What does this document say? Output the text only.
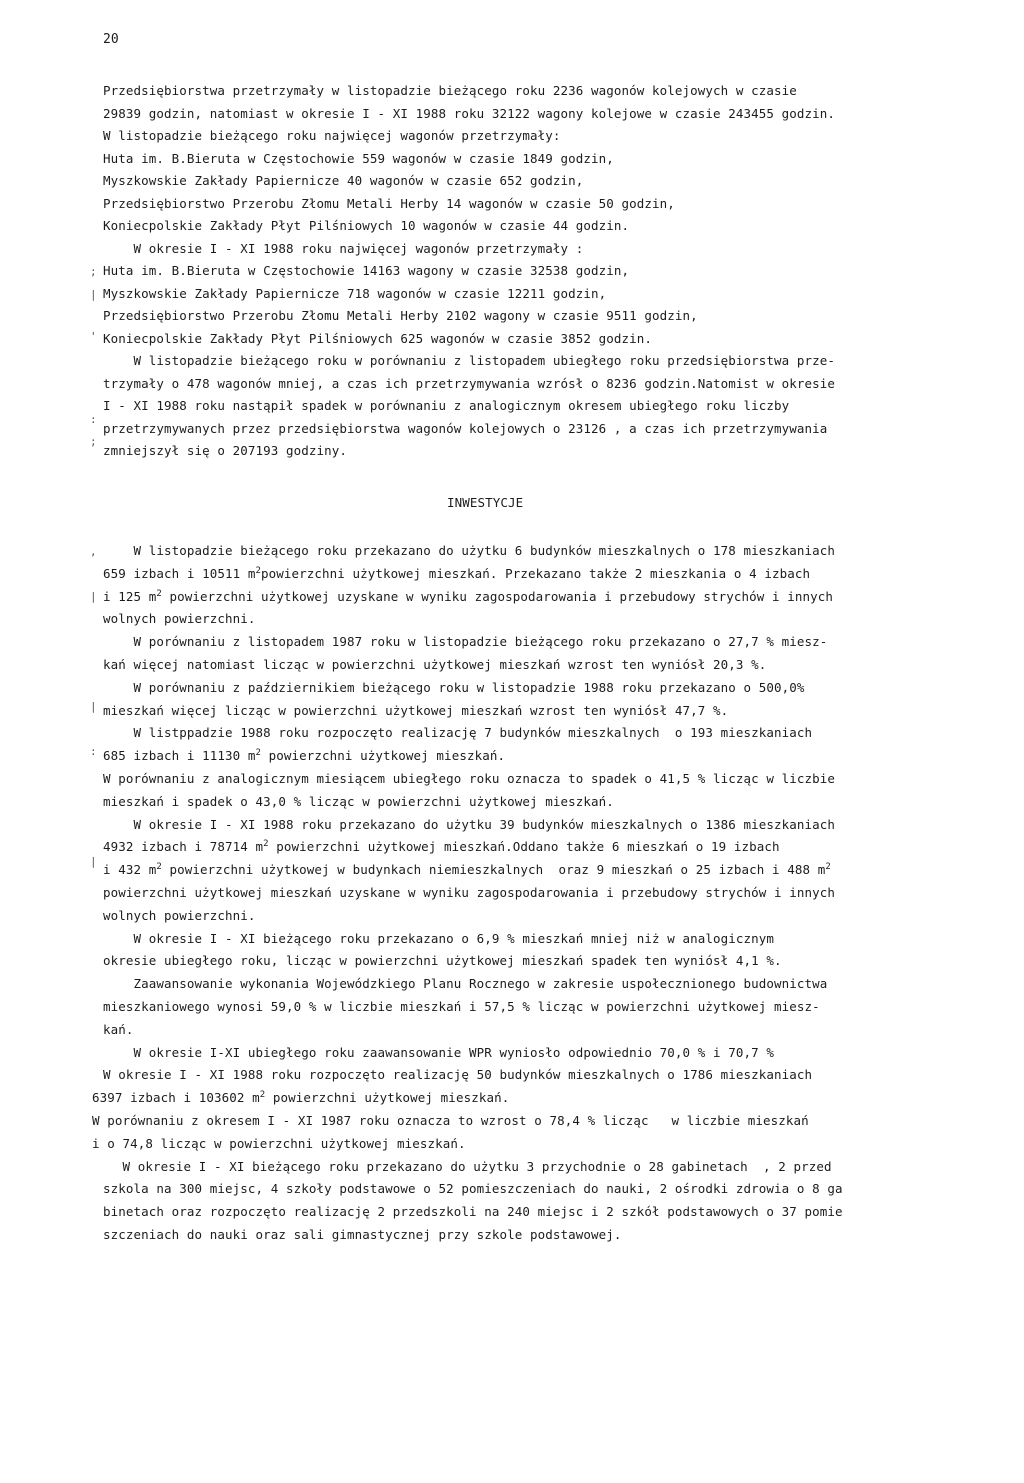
20
Przedsiębiorstwa przetrzymały w listopadzie bieżącego roku 2236 wagonów kolejowych w czasie
29839 godzin, natomiast w okresie I - XI 1988 roku 32122 wagony kolejowe w czasie 243455 godzin.
W listopadzie bieżącego roku najwięcej wagonów przetrzymały:
Huta im. B.Bieruta w Częstochowie 559 wagonów w czasie 1849 godzin,
Myszkowskie Zakłady Papiernicze 40 wagonów w czasie 652 godzin,
Przedsiębiorstwo Przerobu Złomu Metali Herby 14 wagonów w czasie 50 godzin,
Koniecpolskie Zakłady Płyt Pilśniowych 10 wagonów w czasie 44 godzin.
W okresie I - XI 1988 roku najwięcej wagonów przetrzymały :
Huta im. B.Bieruta w Częstochowie 14163 wagony w czasie 32538 godzin,
Myszkowskie Zakłady Papiernicze 718 wagonów w czasie 12211 godzin,
Przedsiębiorstwo Przerobu Złomu Metali Herby 2102 wagony w czasie 9511 godzin,
Koniecpolskie Zakłady Płyt Pilśniowych 625 wagonów w czasie 3852 godzin.
W listopadzie bieżącego roku w porównaniu z listopadem ubiegłego roku przedsiębiorstwa prze-
trzymały o 478 wagonów mniej, a czas ich przetrzymywania wzrósł o 8236 godzin.Natomist w okresie
I - XI 1988 roku nastąpił spadek w porównaniu z analogicznym okresem ubiegłego roku liczby
przetrzymywanych przez przedsiębiorstwa wagonów kolejowych o 23126 , a czas ich przetrzymywania
zmniejszył się o 207193 godziny.
W listopadzie bieżącego roku przekazano do użytku 6 budynków mieszkalnych o 178 mieszkaniach
659 izbach i 10511 $m^2powierzchni$ użytkowej mieszkań. Przekazano także 2 mieszkania o 4 izbach
i 125 $m^2$ powierzchni użytkowej uzyskane w wyniku zagospodarowania i przebudowy strychów i innych
wolnych powierzchni.
W porównaniu z listopadem 1987 roku w listopadzie bieżącego roku przekazano o 27,7 % miesz-
kań więcej natomiast licząc w powierzchni użytkowej mieszkań wzrost ten wyniósł 20,3 %.
W porównaniu z październikiem bieżącego roku w listopadzie 1988 roku przekazano o 500,0%
mieszkań więcej licząc w powierzchni użytkowej mieszkań wzrost ten wyniósł 47,7 %.
W listppadzie 1988 roku rozpoczęto realizację 7 budynków mieszkalnych  o 193 mieszkaniach
685 izbach i 11130 $m^2$ powierzchni użytkowej mieszkań.
W porównaniu z analogicznym miesiącem ubiegłego roku oznacza to spadek o 41,5 % licząc w liczbie
mieszkań i spadek o 43,0 % licząc w powierzchni użytkowej mieszkań.
W okresie I - XI 1988 roku przekazano do użytku 39 budynków mieszkalnych o 1386 mieszkaniach
4932 izbach i 78714 $m^2$ powierzchni użytkowej mieszkań.Oddano także 6 mieszkań o 19 izbach
i 432 $m^2$ powierzchni użytkowej w budynkach niemieszkalnych  oraz 9 mieszkań o 25 izbach i 488 $m^2$
powierzchni użytkowej mieszkań uzyskane w wyniku zagospodarowania i przebudowy strychów i innych
wolnych powierzchni.
W okresie I - XI bieżącego roku przekazano o 6,9 % mieszkań mniej niż w analogicznym
okresie ubiegłego roku, licząc w powierzchni użytkowej mieszkań spadek ten wyniósł 4,1 %.
Zaawansowanie wykonania Wojewódzkiego Planu Rocznego w zakresie uspołecznionego budownictwa
mieszkaniowego wynosi 59,0 % w liczbie mieszkań i 57,5 % licząc w powierzchni użytkowej miesz-
kań.
W okresie I-XI ubiegłego roku zaawansowanie WPR wyniosło odpowiednio 70,0 % i 70,7 %
W okresie I - XI 1988 roku rozpoczęto realizację 50 budynków mieszkalnych o 1786 mieszkaniach
6397 izbach i 103602 $m^2$ powierzchni użytkowej mieszkań.
W porównaniu z okresem I - XI 1987 roku oznacza to wzrost o 78,4 % licząc   w liczbie mieszkań
i o 74,8 licząc w powierzchni użytkowej mieszkań.
W okresie I - XI bieżącego roku przekazano do użytku 3 przychodnie o 28 gabinetach  , 2 przed
szkola na 300 miejsc, 4 szkoły podstawowe o 52 pomieszczeniach do nauki, 2 ośrodki zdrowia o 8 ga
binetach oraz rozpoczęto realizację 2 przedszkoli na 240 miejsc i 2 szkół podstawowych o 37 pomie
szczeniach do nauki oraz sali gimnastycznej przy szkole podstawowej.
INWESTYCJE
;
|
'
:
;
,
|
|
:
|
